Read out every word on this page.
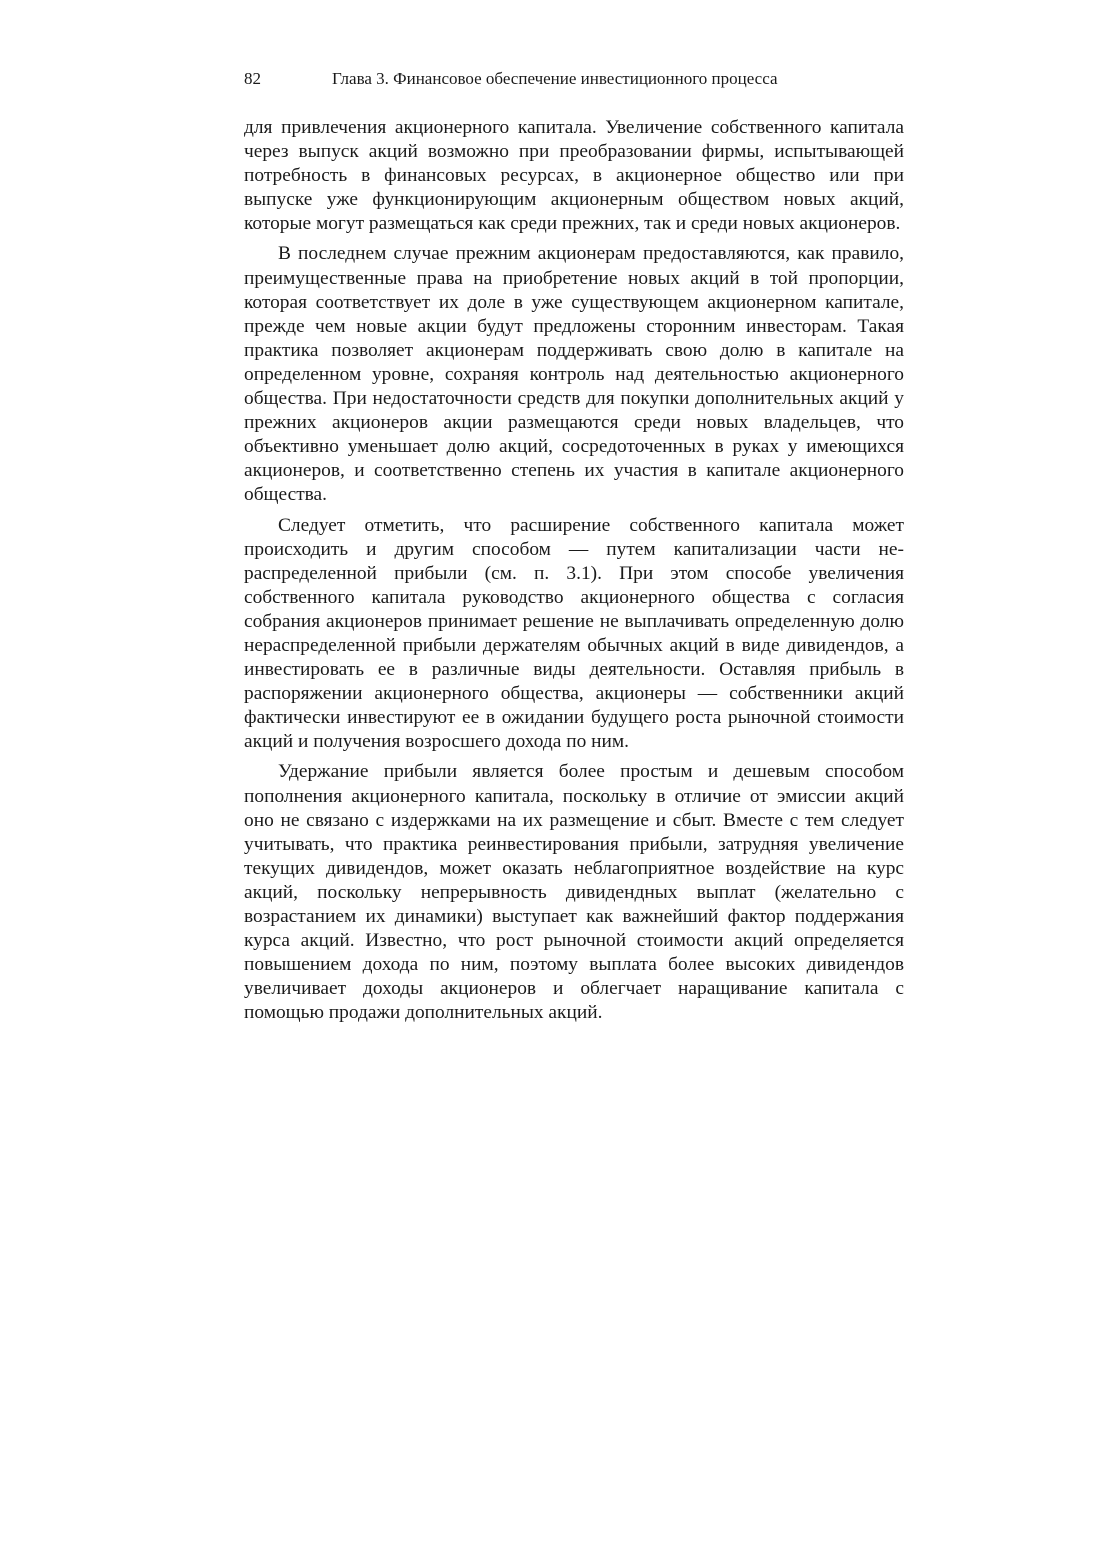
82	Глава 3. Финансовое обеспечение инвестиционного процесса

для привлечения акционерного капитала. Увеличение собственного капитала через выпуск акций возможно при преобразовании фирмы, испытывающей потребность в финансовых ресурсах, в акционерное общество или при выпуске уже функционирующим акционерным обществом новых акций, которые могут размещаться как среди прежних, так и среди новых акционеров.

В последнем случае прежним акционерам предоставляются, как правило, преимущественные права на приобретение новых акций в той пропорции, которая соответствует их доле в уже существующем акционерном капитале, прежде чем новые акции будут предложены сторонним инвесторам. Такая практика позволяет акционерам поддерживать свою долю в капитале на определенном уровне, сохраняя контроль над деятельностью акционерного общества. При недостаточности средств для покупки дополнительных акций у прежних акционеров акции размещаются среди новых владельцев, что объективно уменьшает долю акций, сосредоточенных в руках у имеющихся акционеров, и соответственно степень их участия в капитале акционерного общества.

Следует отметить, что расширение собственного капитала может происходить и другим способом — путем капитализации части нераспределенной прибыли (см. п. 3.1). При этом способе увеличения собственного капитала руководство акционерного общества с согласия собрания акционеров принимает решение не выплачивать определенную долю нераспределенной прибыли держателям обычных акций в виде дивидендов, а инвестировать ее в различные виды деятельности. Оставляя прибыль в распоряжении акционерного общества, акционеры — собственники акций фактически инвестируют ее в ожидании будущего роста рыночной стоимости акций и получения возросшего дохода по ним.

Удержание прибыли является более простым и дешевым способом пополнения акционерного капитала, поскольку в отличие от эмиссии акций оно не связано с издержками на их размещение и сбыт. Вместе с тем следует учитывать, что практика реинвестирования прибыли, затрудняя увеличение текущих дивидендов, может оказать неблагоприятное воздействие на курс акций, поскольку непрерывность дивидендных выплат (желательно с возрастанием их динамики) выступает как важнейший фактор поддержания курса акций. Известно, что рост рыночной стоимости акций определяется повышением дохода по ним, поэтому выплата более высоких дивидендов увеличивает доходы акционеров и облегчает наращивание капитала с помощью продажи дополнительных акций.
